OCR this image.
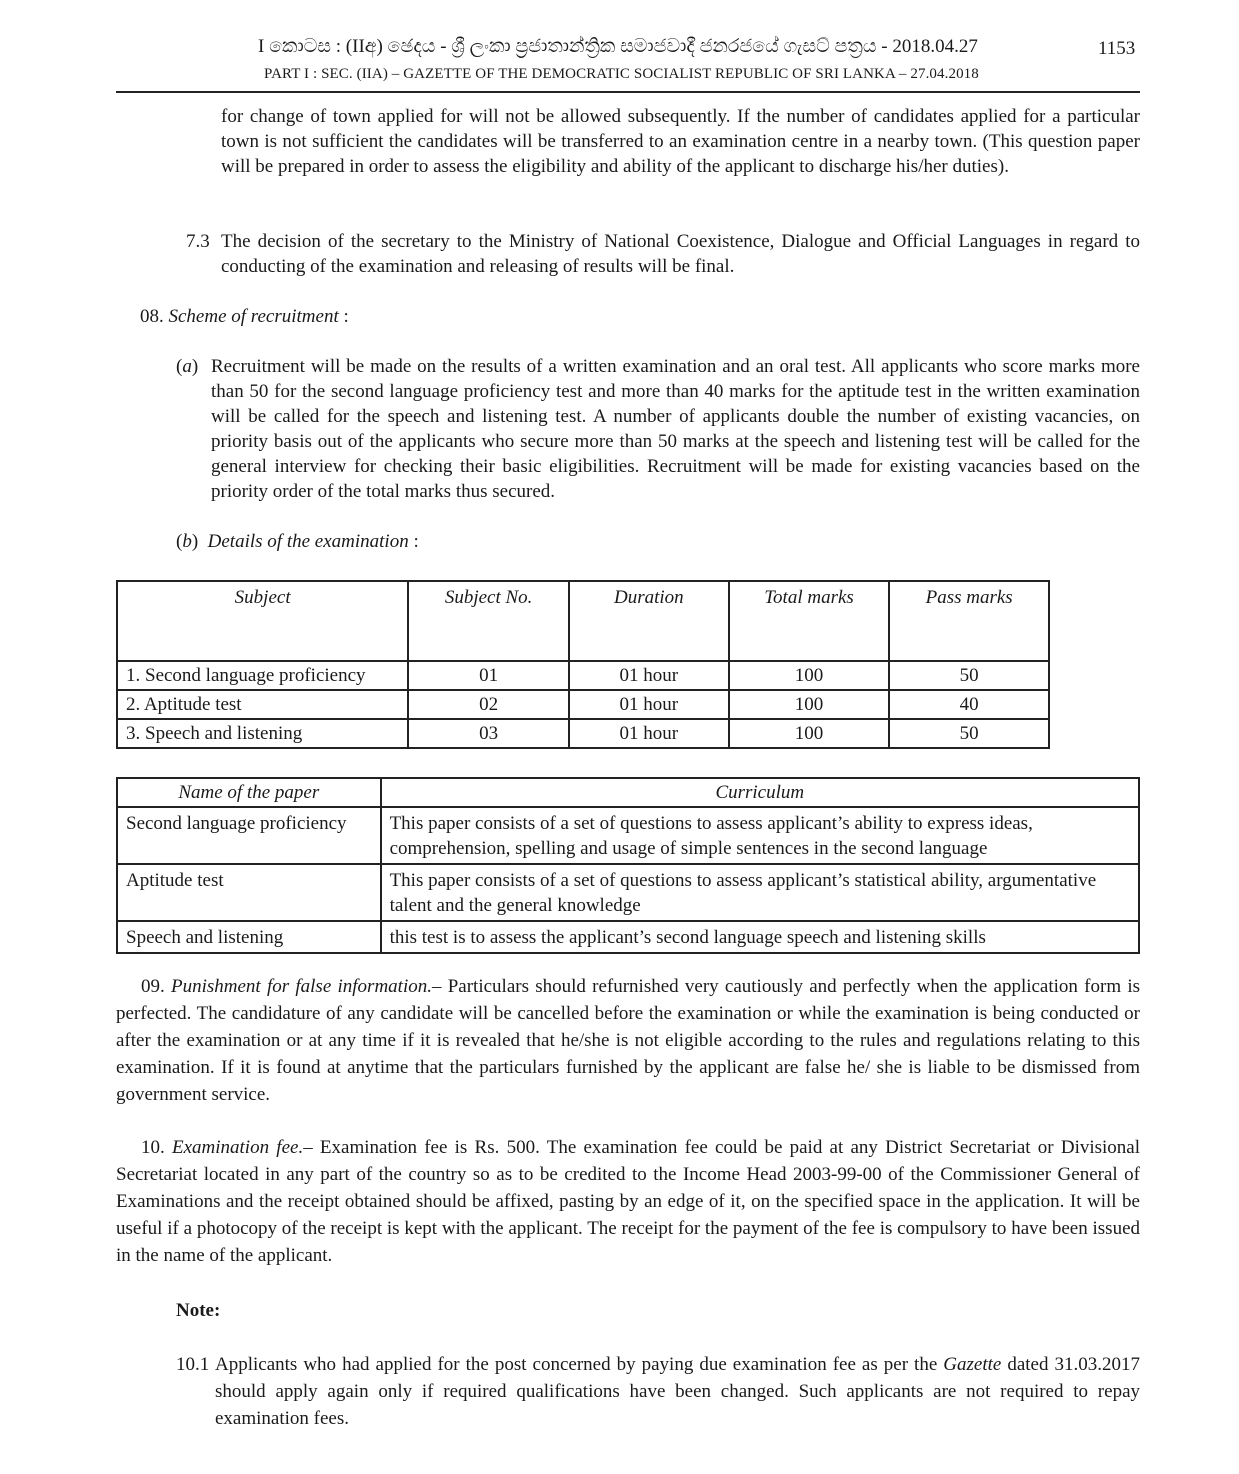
I කොටස : (IIඅ) ඡෙදය - ශ්‍රී ලංකා ප්‍රජාතාන්ත්‍රික සමාජවාදී ජනරජයේ ගැසට් පත්‍රය - 2018.04.27	1153
PART I : SEC. (IIA) – GAZETTE OF THE DEMOCRATIC SOCIALIST REPUBLIC OF SRI LANKA – 27.04.2018
for change of town applied for will not be allowed subsequently. If the number of candidates applied for a particular town is not sufficient the candidates will be transferred to an examination centre in a nearby town. (This question paper will be prepared in order to assess the eligibility and ability of the applicant to discharge his/her duties).
7.3 The decision of the secretary to the Ministry of National Coexistence, Dialogue and Official Languages in regard to conducting of the examination and releasing of results will be final.
08. Scheme of recruitment :
(a) Recruitment will be made on the results of a written examination and an oral test. All applicants who score marks more than 50 for the second language proficiency test and more than 40 marks for the aptitude test in the written examination will be called for the speech and listening test. A number of applicants double the number of existing vacancies, on priority basis out of the applicants who secure more than 50 marks at the speech and listening test will be called for the general interview for checking their basic eligibilities. Recruitment will be made for existing vacancies based on the priority order of the total marks thus secured.
(b) Details of the examination :
Subject	Subject No.	Duration	Total marks	Pass marks
1. Second language proficiency	01	01 hour	100	50
2. Aptitude test	02	01 hour	100	40
3. Speech and listening	03	01 hour	100	50
Name of the paper	Curriculum
Second language proficiency	This paper consists of a set of questions to assess applicant’s ability to express ideas, comprehension, spelling and usage of simple sentences in the second language
Aptitude test	This paper consists of a set of questions to assess applicant’s statistical ability, argumentative talent and the general knowledge
Speech and listening	this test is to assess the applicant’s second language speech and listening skills
09. Punishment for false information.– Particulars should refurnished very cautiously and perfectly when the application form is perfected. The candidature of any candidate will be cancelled before the examination or while the examination is being conducted or after the examination or at any time if it is revealed that he/she is not eligible according to the rules and regulations relating to this examination. If it is found at anytime that the particulars furnished by the applicant are false he/ she is liable to be dismissed from government service.
10. Examination fee.– Examination fee is Rs. 500. The examination fee could be paid at any District Secretariat or Divisional Secretariat located in any part of the country so as to be credited to the Income Head 2003-99-00 of the Commissioner General of Examinations and the receipt obtained should be affixed, pasting by an edge of it, on the specified space in the application. It will be useful if a photocopy of the receipt is kept with the applicant. The receipt for the payment of the fee is compulsory to have been issued in the name of the applicant.
Note:
10.1 Applicants who had applied for the post concerned by paying due examination fee as per the Gazette dated 31.03.2017 should apply again only if required qualifications have been changed. Such applicants are not required to repay examination fees.
